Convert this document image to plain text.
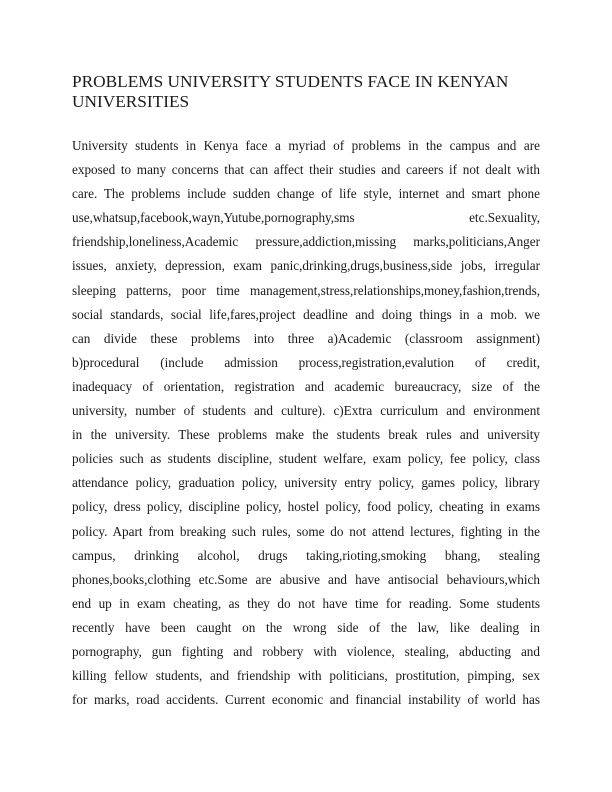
PROBLEMS UNIVERSITY STUDENTS FACE IN KENYAN
UNIVERSITIES
University students in Kenya face a myriad of problems in the campus and are
exposed to many concerns that can affect their studies and careers if not dealt with
care. The problems include sudden change of life style, internet and smart phone
use,whatsup,facebook,wayn,Yutube,pornography,sms etc.Sexuality,
friendship,loneliness,Academic pressure,addiction,missing marks,politicians,Anger
issues, anxiety, depression, exam panic,drinking,drugs,business,side jobs, irregular
sleeping patterns, poor time management,stress,relationships,money,fashion,trends,
social standards, social life,fares,project deadline and doing things in a mob. we
can divide these problems into three a)Academic (classroom assignment)
b)procedural (include admission process,registration,evalution of credit,
inadequacy of orientation, registration and academic bureaucracy, size of the
university, number of students and culture). c)Extra curriculum and environment
in the university. These problems make the students break rules and university
policies such as students discipline, student welfare, exam policy, fee policy, class
attendance policy, graduation policy, university entry policy, games policy, library
policy, dress policy, discipline policy, hostel policy, food policy, cheating in exams
policy. Apart from breaking such rules, some do not attend lectures, fighting in the
campus, drinking alcohol, drugs taking,rioting,smoking bhang, stealing
phones,books,clothing etc.Some are abusive and have antisocial behaviours,which
end up in exam cheating, as they do not have time for reading. Some students
recently have been caught on the wrong side of the law, like dealing in
pornography, gun fighting and robbery with violence, stealing, abducting and
killing fellow students, and friendship with politicians, prostitution, pimping, sex
for marks, road accidents. Current economic and financial instability of world has
